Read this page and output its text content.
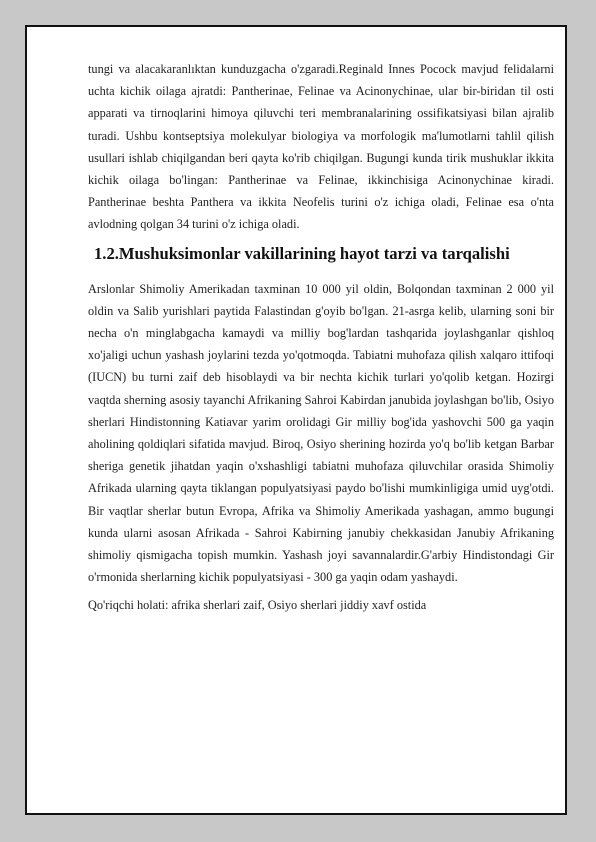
tungi va alacakaranlıktan kunduzgacha o'zgaradi.Reginald Innes Pocock mavjud felidalarni uchta kichik oilaga ajratdi: Pantherinae, Felinae va Acinonychinae, ular bir-biridan til osti apparati va tirnoqlarini himoya qiluvchi teri membranalarining ossifikatsiyasi bilan ajralib turadi. Ushbu kontseptsiya molekulyar biologiya va morfologik ma'lumotlarni tahlil qilish usullari ishlab chiqilgandan beri qayta ko'rib chiqilgan. Bugungi kunda tirik mushuklar ikkita kichik oilaga bo'lingan: Pantherinae va Felinae, ikkinchisiga Acinonychinae kiradi. Pantherinae beshta Panthera va ikkita Neofelis turini o'z ichiga oladi, Felinae esa o'nta avlodning qolgan 34 turini o'z ichiga oladi.

1.2.Mushuksimonlar vakillarining hayot tarzi va tarqalishi

Arslonlar Shimoliy Amerikadan taxminan 10 000 yil oldin, Bolqondan taxminan 2 000 yil oldin va Salib yurishlari paytida Falastindan g'oyib bo'lgan. 21-asrga kelib, ularning soni bir necha o'n minglabgacha kamaydi va milliy bog'lardan tashqarida joylashganlar qishloq xo'jaligi uchun yashash joylarini tezda yo'qotmoqda. Tabiatni muhofaza qilish xalqaro ittifoqi (IUCN) bu turni zaif deb hisoblaydi va bir nechta kichik turlari yo'qolib ketgan. Hozirgi vaqtda sherning asosiy tayanchi Afrikaning Sahroi Kabirdan janubida joylashgan bo'lib, Osiyo sherlari Hindistonning Katiavar yarim orolidagi Gir milliy bog'ida yashovchi 500 ga yaqin aholining qoldiqlari sifatida mavjud. Biroq, Osiyo sherining hozirda yo'q bo'lib ketgan Barbar sheriga genetik jihatdan yaqin o'xshashligi tabiatni muhofaza qiluvchilar orasida Shimoliy Afrikada ularning qayta tiklangan populyatsiyasi paydo bo'lishi mumkinligiga umid uyg'otdi. Bir vaqtlar sherlar butun Evropa, Afrika va Shimoliy Amerikada yashagan, ammo bugungi kunda ularni asosan Afrikada - Sahroi Kabirning janubiy chekkasidan Janubiy Afrikaning shimoliy qismigacha topish mumkin. Yashash joyi savannalardir.G'arbiy Hindistondagi Gir o'rmonida sherlarning kichik populyatsiyasi - 300 ga yaqin odam yashaydi.

Qo'riqchi holati: afrika sherlari zaif, Osiyo sherlari jiddiy xavf ostida
